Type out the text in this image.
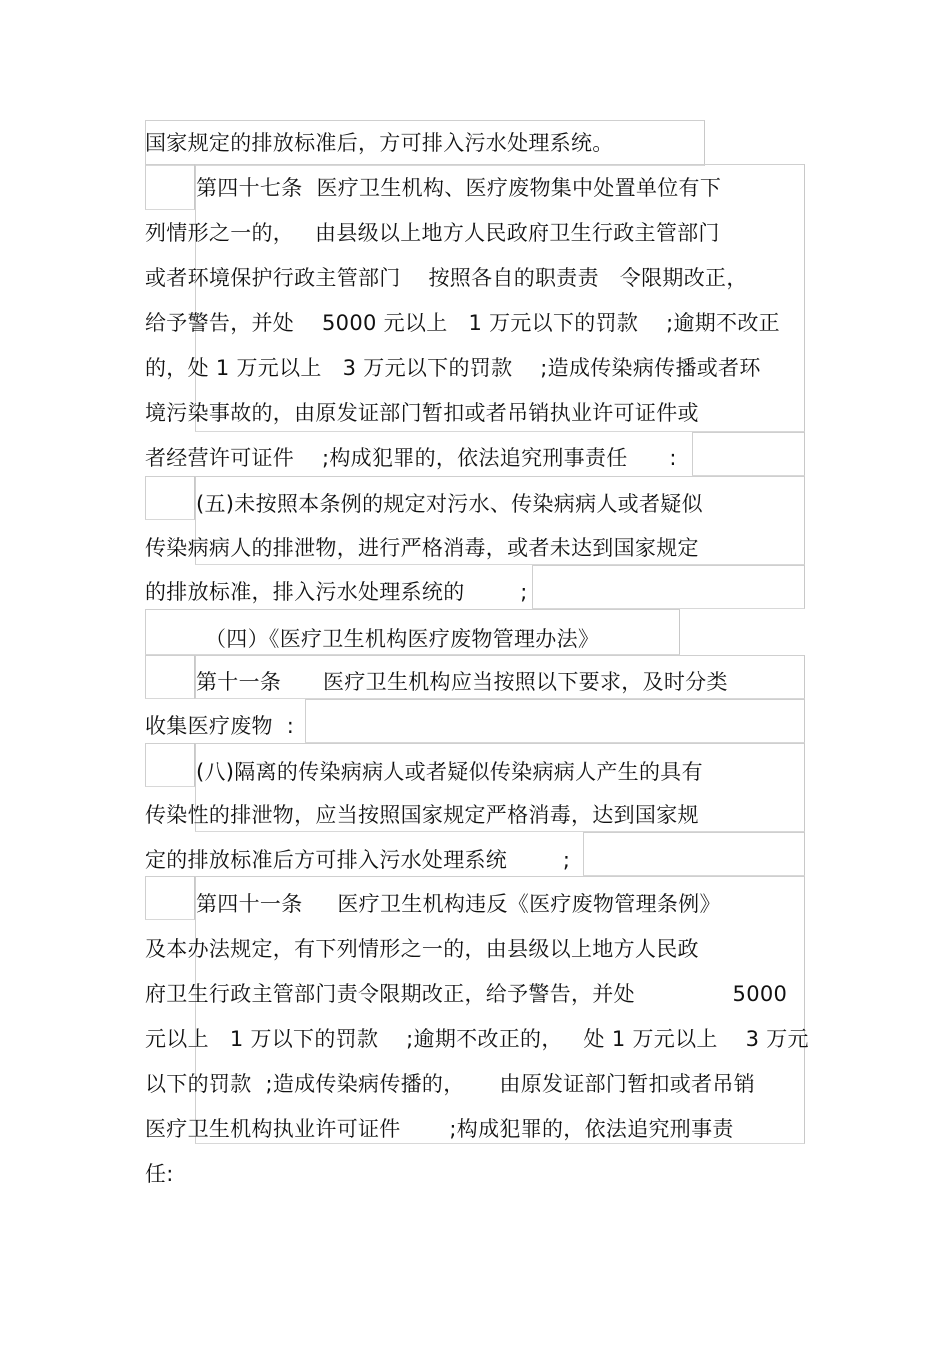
国家规定的排放标准后，方可排入污水处理系统。
第四十七条  医疗卫生机构、医疗废物集中处置单位有下
列情形之一的，   由县级以上地方人民政府卫生行政主管部门
或者环境保护行政主管部门    按照各自的职责责   令限期改正，
给予警告，并处    5000 元以上   1 万元以下的罚款    ;逾期不改正
的，处 1 万元以上   3 万元以下的罚款    ;造成传染病传播或者环
境污染事故的，由原发证部门暂扣或者吊销执业许可证件或
者经营许可证件    ;构成犯罪的，依法追究刑事责任      :
(五)未按照本条例的规定对污水、传染病病人或者疑似
传染病病人的排泄物，进行严格消毒，或者未达到国家规定
的排放标准，排入污水处理系统的        ;
（四）《医疗卫生机构医疗废物管理办法》
第十一条      医疗卫生机构应当按照以下要求，及时分类
收集医疗废物  :
(八)隔离的传染病病人或者疑似传染病病人产生的具有
传染性的排泄物，应当按照国家规定严格消毒，达到国家规
定的排放标准后方可排入污水处理系统        ;
第四十一条     医疗卫生机构违反《医疗废物管理条例》
及本办法规定，有下列情形之一的，由县级以上地方人民政
府卫生行政主管部门责令限期改正，给予警告，并处              5000
元以上   1 万以下的罚款    ;逾期不改正的，   处 1 万元以上    3 万元
以下的罚款  ;造成传染病传播的，     由原发证部门暂扣或者吊销
医疗卫生机构执业许可证件       ;构成犯罪的，依法追究刑事责
任:
